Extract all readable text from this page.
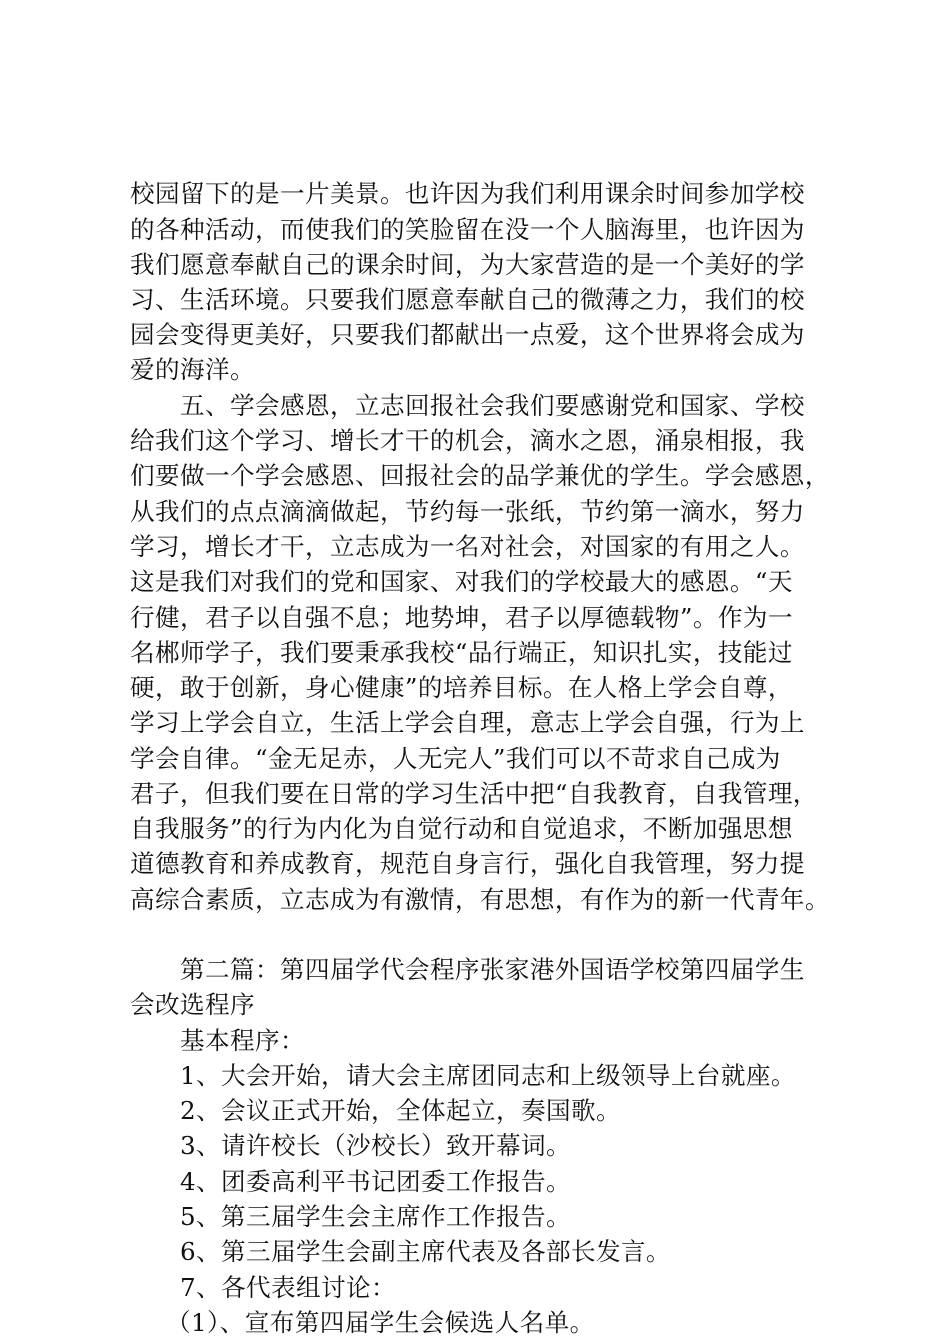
校园留下的是一片美景。也许因为我们利用课余时间参加学校
的各种活动，而使我们的笑脸留在没一个人脑海里，也许因为
我们愿意奉献自己的课余时间，为大家营造的是一个美好的学
习、生活环境。只要我们愿意奉献自己的微薄之力，我们的校
园会变得更美好，只要我们都献出一点爱，这个世界将会成为
爱的海洋。
五、学会感恩，立志回报社会我们要感谢党和国家、学校
给我们这个学习、增长才干的机会，滴水之恩，涌泉相报，我
们要做一个学会感恩、回报社会的品学兼优的学生。学会感恩，
从我们的点点滴滴做起，节约每一张纸，节约第一滴水，努力
学习，增长才干，立志成为一名对社会，对国家的有用之人。
这是我们对我们的党和国家、对我们的学校最大的感恩。“天
行健，君子以自强不息；地势坤，君子以厚德载物”。作为一
名郴师学子，我们要秉承我校“品行端正，知识扎实，技能过
硬，敢于创新，身心健康”的培养目标。在人格上学会自尊，
学习上学会自立，生活上学会自理，意志上学会自强，行为上
学会自律。“金无足赤，人无完人”我们可以不苛求自己成为
君子，但我们要在日常的学习生活中把“自我教育，自我管理，
自我服务”的行为内化为自觉行动和自觉追求，不断加强思想
道德教育和养成教育，规范自身言行，强化自我管理，努力提
高综合素质，立志成为有激情，有思想，有作为的新一代青年。
第二篇：第四届学代会程序张家港外国语学校第四届学生
会改选程序
基本程序：
1、大会开始，请大会主席团同志和上级领导上台就座。
2、会议正式开始，全体起立，奏国歌。
3、请许校长（沙校长）致开幕词。
4、团委高利平书记团委工作报告。
5、第三届学生会主席作工作报告。
6、第三届学生会副主席代表及各部长发言。
7、各代表组讨论：
（1）、宣布第四届学生会候选人名单。
